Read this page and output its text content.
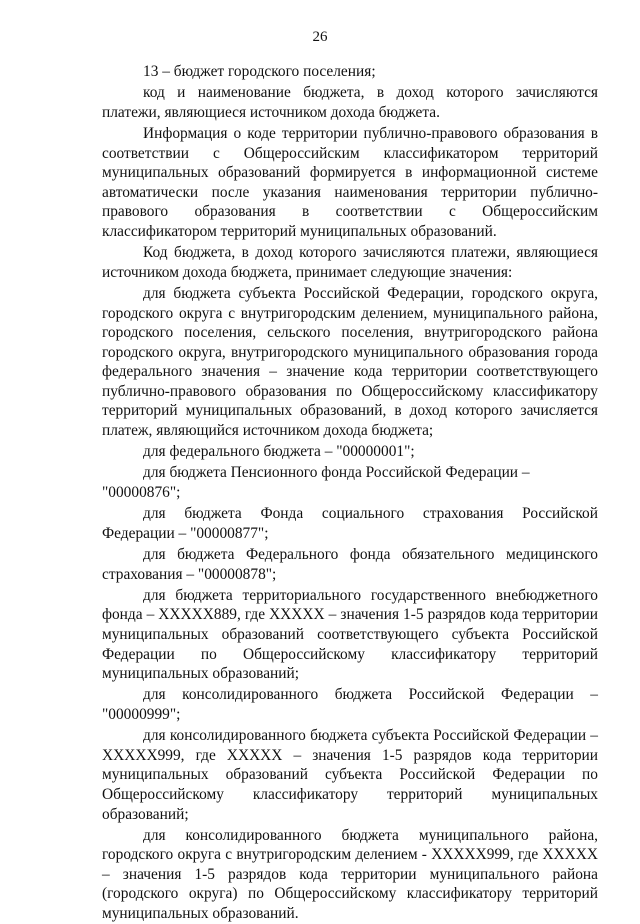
26

13 – бюджет городского поселения;

код и наименование бюджета, в доход которого зачисляются платежи, являющиеся источником дохода бюджета.

Информация о коде территории публично-правового образования в соответствии с Общероссийским классификатором территорий муниципальных образований формируется в информационной системе автоматически после указания наименования территории публично-правового образования в соответствии с Общероссийским классификатором территорий муниципальных образований.

Код бюджета, в доход которого зачисляются платежи, являющиеся источником дохода бюджета, принимает следующие значения:

для бюджета субъекта Российской Федерации, городского округа, городского округа с внутригородским делением, муниципального района, городского поселения, сельского поселения, внутригородского района городского округа, внутригородского муниципального образования города федерального значения – значение кода территории соответствующего публично-правового образования по Общероссийскому классификатору территорий муниципальных образований, в доход которого зачисляется платеж, являющийся источником дохода бюджета;

для федерального бюджета – "00000001";

для бюджета Пенсионного фонда Российской Федерации – "00000876";

для бюджета Фонда социального страхования Российской Федерации – "00000877";

для бюджета Федерального фонда обязательного медицинского страхования – "00000878";

для бюджета территориального государственного внебюджетного фонда – XXXXX889, где XXXXX – значения 1-5 разрядов кода территории муниципальных образований соответствующего субъекта Российской Федерации по Общероссийскому классификатору территорий муниципальных образований;

для консолидированного бюджета Российской Федерации – "00000999";

для консолидированного бюджета субъекта Российской Федерации – XXXXX999, где XXXXX – значения 1-5 разрядов кода территории муниципальных образований субъекта Российской Федерации по Общероссийскому классификатору территорий муниципальных образований;

для консолидированного бюджета муниципального района, городского округа с внутригородским делением - XXXXX999, где XXXXX – значения 1-5 разрядов кода территории муниципального района (городского округа) по Общероссийскому классификатору территорий муниципальных образований.
